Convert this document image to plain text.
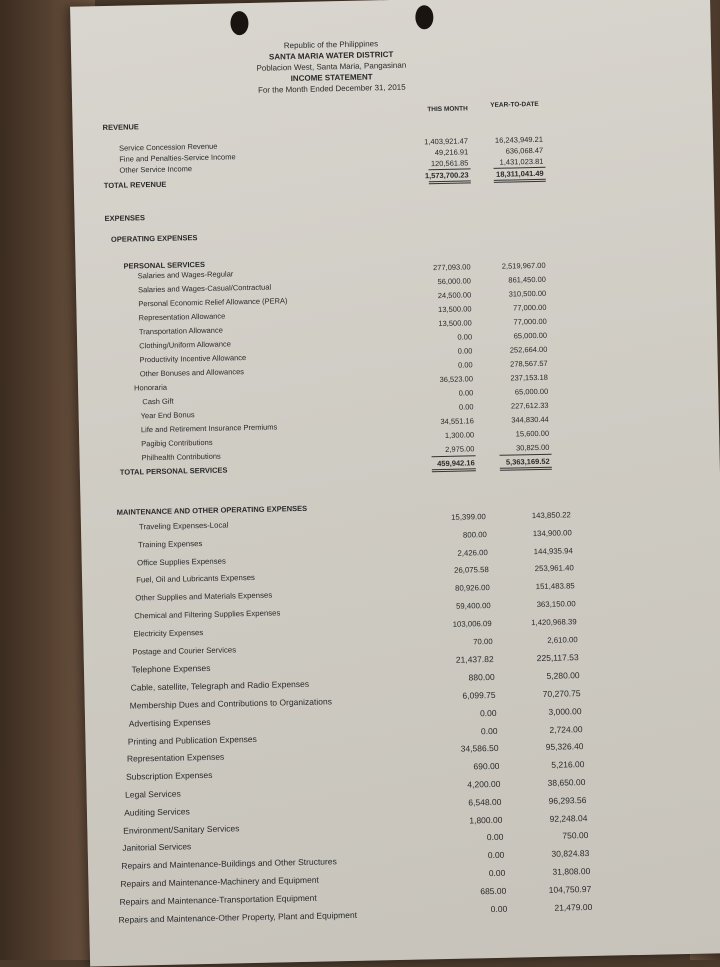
Republic of the Philippines
SANTA MARIA WATER DISTRICT
Poblacion West, Santa Maria, Pangasinan
INCOME STATEMENT
For the Month Ended December 31, 2015
THIS MONTH
YEAR-TO-DATE
REVENUE
Service Concession Revenue
1,403,921.47	16,243,949.21
Fine and Penalties-Service Income
49,216.91	636,068.47
Other Service Income
120,561.85	1,431,023.81
TOTAL REVENUE
1,573,700.23	18,311,041.49
EXPENSES
OPERATING EXPENSES
PERSONAL SERVICES
Salaries and Wages-Regular
277,093.00	2,519,967.00
Salaries and Wages-Casual/Contractual
56,000.00	861,450.00
Personal Economic Relief Allowance (PERA)
24,500.00	310,500.00
Representation Allowance
13,500.00	77,000.00
Transportation Allowance
13,500.00	77,000.00
Clothing/Uniform Allowance
0.00	65,000.00
Productivity Incentive Allowance
0.00	252,664.00
Other Bonuses and Allowances
0.00	278,567.57
Honoraria
36,523.00	237,153.18
Cash Gift
0.00	65,000.00
Year End Bonus
0.00	227,612.33
Life and Retirement Insurance Premiums
34,551.16	344,830.44
Pagibig Contributions
1,300.00	15,600.00
Philhealth Contributions
2,975.00	30,825.00
TOTAL PERSONAL SERVICES
459,942.16	5,363,169.52
MAINTENANCE AND OTHER OPERATING EXPENSES
Traveling Expenses-Local
15,399.00	143,850.22
Training Expenses
800.00	134,900.00
Office Supplies Expenses
2,426.00	144,935.94
Fuel, Oil and Lubricants Expenses
26,075.58	253,961.40
Other Supplies and Materials Expenses
80,926.00	151,483.85
Chemical and Filtering Supplies Expenses
59,400.00	363,150.00
Electricity Expenses
103,006.09	1,420,968.39
Postage and Courier Services
70.00	2,610.00
Telephone Expenses
21,437.82	225,117.53
Cable, satellite, Telegraph and Radio Expenses
880.00	5,280.00
Membership Dues and Contributions to Organizations
6,099.75	70,270.75
Advertising Expenses
0.00	3,000.00
Printing and Publication Expenses
0.00	2,724.00
Representation Expenses
34,586.50	95,326.40
Subscription Expenses
690.00	5,216.00
Legal Services
4,200.00	38,650.00
Auditing Services
6,548.00	96,293.56
Environment/Sanitary Services
1,800.00	92,248.04
Janitorial Services
0.00	750.00
Repairs and Maintenance-Buildings and Other Structures
0.00	30,824.83
Repairs and Maintenance-Machinery and Equipment
0.00	31,808.00
Repairs and Maintenance-Transportation Equipment
685.00	104,750.97
Repairs and Maintenance-Other Property, Plant and Equipment
0.00	21,479.00
